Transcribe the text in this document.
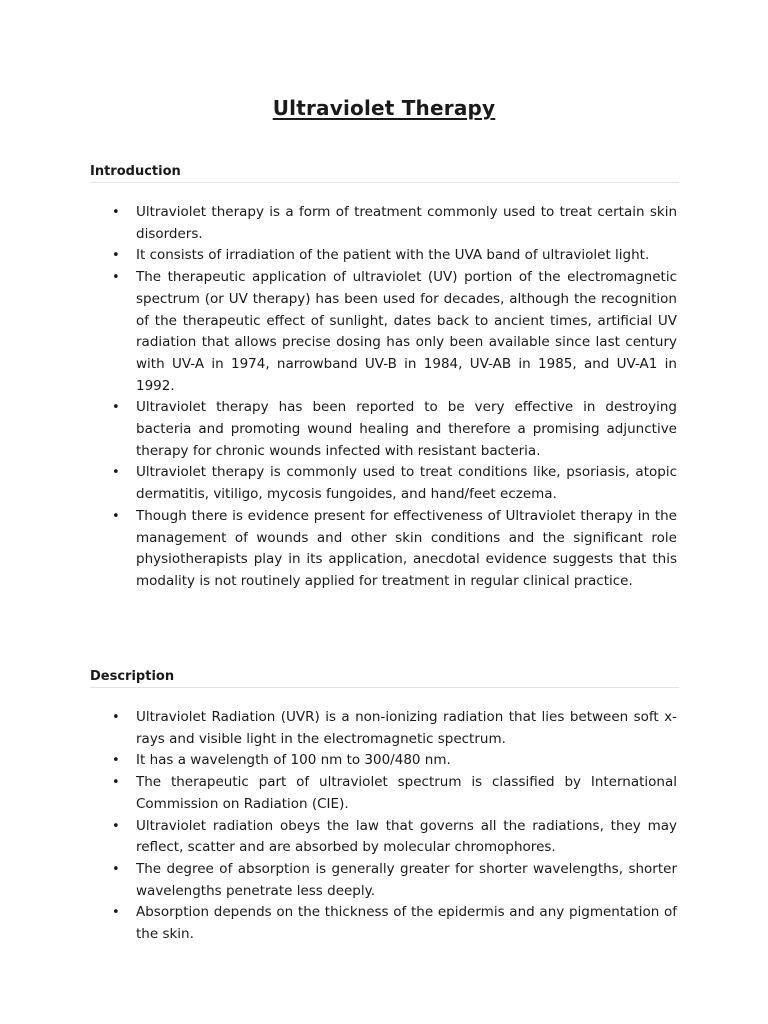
Ultraviolet Therapy
Introduction
• Ultraviolet therapy is a form of treatment commonly used to treat certain skin disorders.
• It consists of irradiation of the patient with the UVA band of ultraviolet light.
• The therapeutic application of ultraviolet (UV) portion of the electromagnetic spectrum (or UV therapy) has been used for decades, although the recognition of the therapeutic effect of sunlight, dates back to ancient times, artificial UV radiation that allows precise dosing has only been available since last century with UV-A in 1974, narrowband UV-B in 1984, UV-AB in 1985, and UV-A1 in 1992.
• Ultraviolet therapy has been reported to be very effective in destroying bacteria and promoting wound healing and therefore a promising adjunctive therapy for chronic wounds infected with resistant bacteria.
• Ultraviolet therapy is commonly used to treat conditions like, psoriasis, atopic dermatitis, vitiligo, mycosis fungoides, and hand/feet eczema.
• Though there is evidence present for effectiveness of Ultraviolet therapy in the management of wounds and other skin conditions and the significant role physiotherapists play in its application, anecdotal evidence suggests that this modality is not routinely applied for treatment in regular clinical practice.
Description
• Ultraviolet Radiation (UVR) is a non-ionizing radiation that lies between soft x-rays and visible light in the electromagnetic spectrum.
• It has a wavelength of 100 nm to 300/480 nm.
• The therapeutic part of ultraviolet spectrum is classified by International Commission on Radiation (CIE).
• Ultraviolet radiation obeys the law that governs all the radiations, they may reflect, scatter and are absorbed by molecular chromophores.
• The degree of absorption is generally greater for shorter wavelengths, shorter wavelengths penetrate less deeply.
• Absorption depends on the thickness of the epidermis and any pigmentation of the skin.
